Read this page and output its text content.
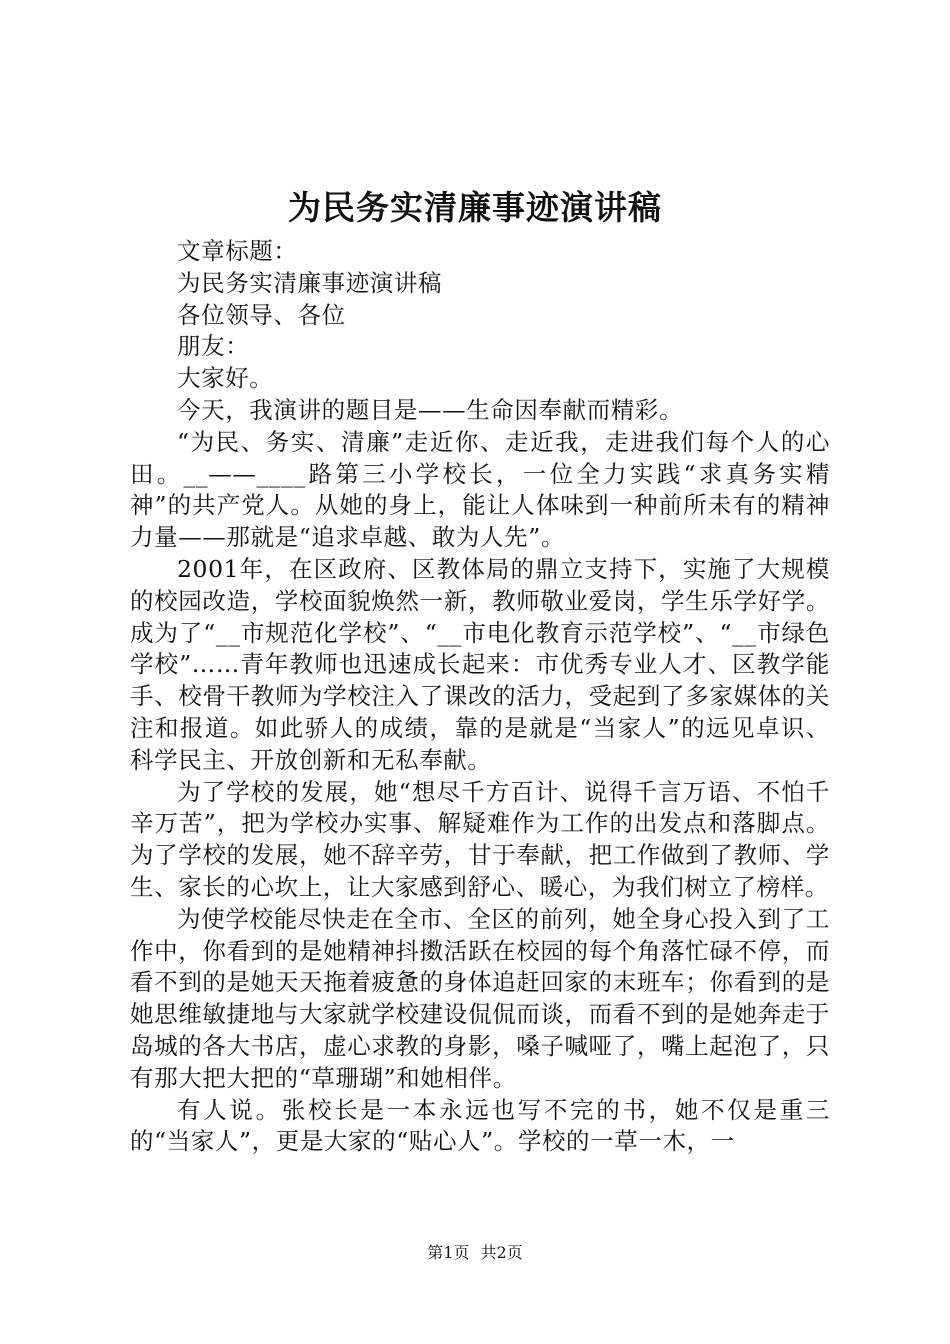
为民务实清廉事迹演讲稿

文章标题：

为民务实清廉事迹演讲稿

各位领导、各位

朋友：

大家好。

今天，我演讲的题目是——生命因奉献而精彩。

“为民、务实、清廉”走近你、走近我，走进我们每个人的心田。__——____路第三小学校长，一位全力实践“求真务实精神”的共产党人。从她的身上，能让人体味到一种前所未有的精神力量——那就是“追求卓越、敢为人先”。

2001年，在区政府、区教体局的鼎立支持下，实施了大规模的校园改造，学校面貌焕然一新，教师敬业爱岗，学生乐学好学。成为了“__市规范化学校”、“__市电化教育示范学校”、“__市绿色学校”……青年教师也迅速成长起来：市优秀专业人才、区教学能手、校骨干教师为学校注入了课改的活力，受起到了多家媒体的关注和报道。如此骄人的成绩，靠的是就是“当家人”的远见卓识、科学民主、开放创新和无私奉献。

为了学校的发展，她“想尽千方百计、说得千言万语、不怕千辛万苦”，把为学校办实事、解疑难作为工作的出发点和落脚点。为了学校的发展，她不辞辛劳，甘于奉献，把工作做到了教师、学生、家长的心坎上，让大家感到舒心、暖心，为我们树立了榜样。

为使学校能尽快走在全市、全区的前列，她全身心投入到了工作中，你看到的是她精神抖擞活跃在校园的每个角落忙碌不停，而看不到的是她天天拖着疲惫的身体追赶回家的末班车；你看到的是她思维敏捷地与大家就学校建设侃侃而谈，而看不到的是她奔走于岛城的各大书店，虚心求教的身影，嗓子喊哑了，嘴上起泡了，只有那大把大把的“草珊瑚”和她相伴。

有人说。张校长是一本永远也写不完的书，她不仅是重三的“当家人”，更是大家的“贴心人”。学校的一草一木，一

第1页 共2页
